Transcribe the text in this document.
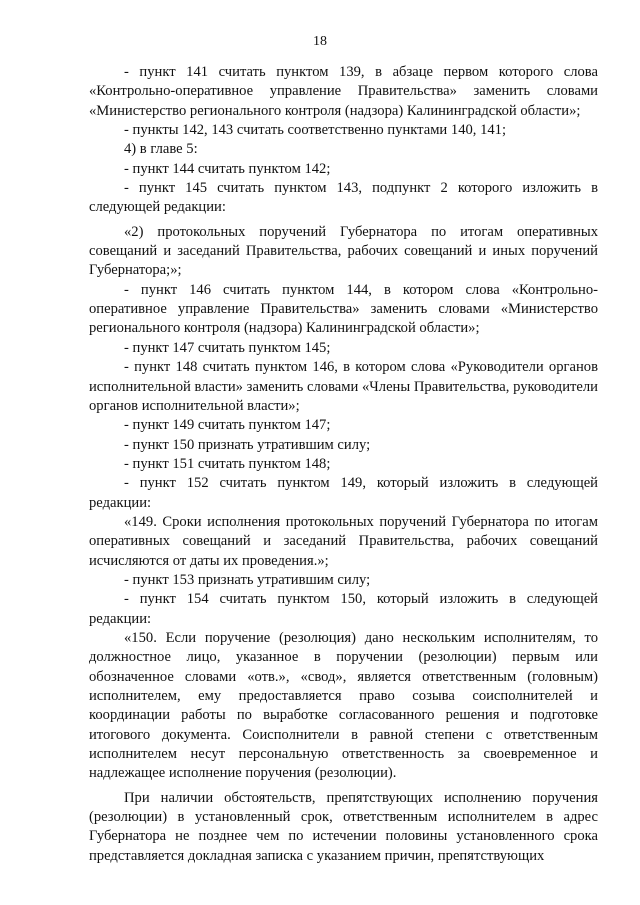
18

- пункт 141 считать пунктом 139, в абзаце первом которого слова «Контрольно-оперативное управление Правительства» заменить словами «Министерство регионального контроля (надзора) Калининградской области»;

- пункты 142, 143 считать соответственно пунктами 140, 141;

4) в главе 5:

- пункт 144 считать пунктом 142;

- пункт 145 считать пунктом 143, подпункт 2 которого изложить в следующей редакции:

«2) протокольных поручений Губернатора по итогам оперативных совещаний и заседаний Правительства, рабочих совещаний и иных поручений Губернатора;»;

- пункт 146 считать пунктом 144, в котором слова «Контрольно-оперативное управление Правительства» заменить словами «Министерство регионального контроля (надзора) Калининградской области»;

- пункт 147 считать пунктом 145;

- пункт 148 считать пунктом 146, в котором слова «Руководители органов исполнительной власти» заменить словами «Члены Правительства, руководители органов исполнительной власти»;

- пункт 149 считать пунктом 147;

- пункт 150 признать утратившим силу;

- пункт 151 считать пунктом 148;

- пункт 152 считать пунктом 149, который изложить в следующей редакции:

«149. Сроки исполнения протокольных поручений Губернатора по итогам оперативных совещаний и заседаний Правительства, рабочих совещаний исчисляются от даты их проведения.»;

- пункт 153 признать утратившим силу;

- пункт 154 считать пунктом 150, который изложить в следующей редакции:

«150. Если поручение (резолюция) дано нескольким исполнителям, то должностное лицо, указанное в поручении (резолюции) первым или обозначенное словами «отв.», «свод», является ответственным (головным) исполнителем, ему предоставляется право созыва соисполнителей и координации работы по выработке согласованного решения и подготовке итогового документа. Соисполнители в равной степени с ответственным исполнителем несут персональную ответственность за своевременное и надлежащее исполнение поручения (резолюции).

При наличии обстоятельств, препятствующих исполнению поручения (резолюции) в установленный срок, ответственным исполнителем в адрес Губернатора не позднее чем по истечении половины установленного срока представляется докладная записка с указанием причин, препятствующих
